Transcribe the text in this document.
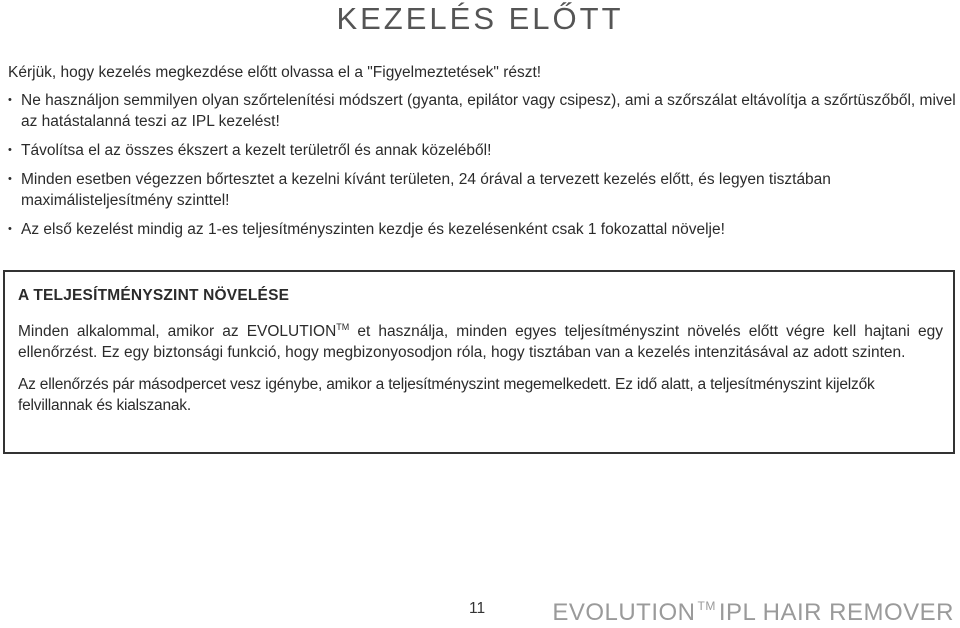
KEZELÉS ELŐTT

Kérjük, hogy kezelés megkezdése előtt olvassa el a "Figyelmeztetések" részt!

• Ne használjon semmilyen olyan szőrtelenítési módszert (gyanta, epilátor vagy csipesz), ami a szőrszálat eltávolítja a szőrtüszőből, mivel az hatástalanná teszi az IPL kezelést!
• Távolítsa el az összes ékszert a kezelt területről és annak közeléből!
• Minden esetben végezzen bőrtesztet a kezelni kívánt területen, 24 órával a tervezett kezelés előtt, és legyen tisztában maximálisteljesítmény szinttel!
• Az első kezelést mindig az 1-es teljesítményszinten kezdje és kezelésenként csak 1 fokozattal növelje!
A TELJESÍTMÉNYSZINT NÖVELÉSE

Minden alkalommal, amikor az EVOLUTION™ et használja, minden egyes teljesítményszint növelés előtt végre kell hajtani egy ellenőrzést. Ez egy biztonsági funkció, hogy megbizonyosodjon róla, hogy tisztában van a kezelés intenzitásával az adott szinten.

Az ellenőrzés pár másodpercet vesz igénybe, amikor a teljesítményszint megemelkedett. Ez idő alatt, a teljesítményszint kijelzők felvillannak és kialszanak.

11	EVOLUTION ™ IPL HAIR REMOVER
